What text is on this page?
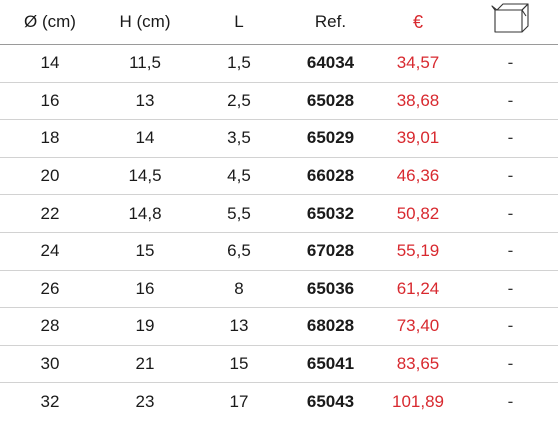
Ø (cm)	H (cm)	L	Ref.	€
14	11,5	1,5	64034	34,57	-
16	13	2,5	65028	38,68	-
18	14	3,5	65029	39,01	-
20	14,5	4,5	66028	46,36	-
22	14,8	5,5	65032	50,82	-
24	15	6,5	67028	55,19	-
26	16	8	65036	61,24	-
28	19	13	68028	73,40	-
30	21	15	65041	83,65	-
32	23	17	65043	101,89	-
